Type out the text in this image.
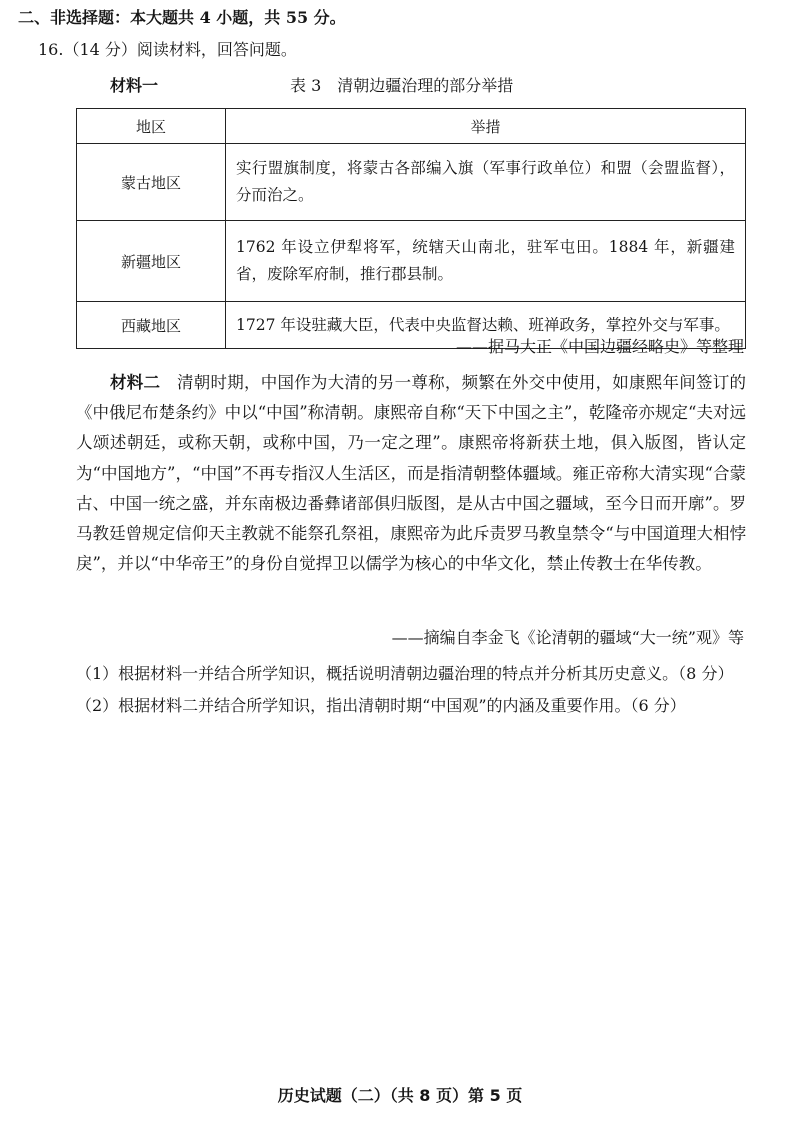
二、非选择题：本大题共 4 小题，共 55 分。
16.（14 分）阅读材料，回答问题。
材料一	表 3　清朝边疆治理的部分举措
地区	举措
蒙古地区	实行盟旗制度，将蒙古各部编入旗（军事行政单位）和盟（会盟监督），分而治之。
新疆地区	1762 年设立伊犁将军，统辖天山南北，驻军屯田。1884 年，新疆建省，废除军府制，推行郡县制。
西藏地区	1727 年设驻藏大臣，代表中央监督达赖、班禅政务，掌控外交与军事。
——据马大正《中国边疆经略史》等整理
材料二　 清朝时期，中国作为大清的另一尊称，频繁在外交中使用，如康熙年间签订的《中俄尼布楚条约》中以“中国”称清朝。康熙帝自称“天下中国之主”，乾隆帝亦规定“夫对远人颂述朝廷，或称天朝，或称中国，乃一定之理”。康熙帝将新获土地，俱入版图，皆认定为“中国地方”，“中国”不再专指汉人生活区，而是指清朝整体疆域。雍正帝称大清实现“合蒙古、中国一统之盛，并东南极边番彝诸部俱归版图，是从古中国之疆域，至今日而开廓”。罗马教廷曾规定信仰天主教就不能祭孔祭祖，康熙帝为此斥责罗马教皇禁令“与中国道理大相悖戾”，并以“中华帝王”的身份自觉捍卫以儒学为核心的中华文化，禁止传教士在华传教。
——摘编自李金飞《论清朝的疆域“大一统”观》等
（1）根据材料一并结合所学知识，概括说明清朝边疆治理的特点并分析其历史意义。（8 分）
（2）根据材料二并结合所学知识，指出清朝时期“中国观”的内涵及重要作用。（6 分）
历史试题（二）（共 8 页）第 5 页
